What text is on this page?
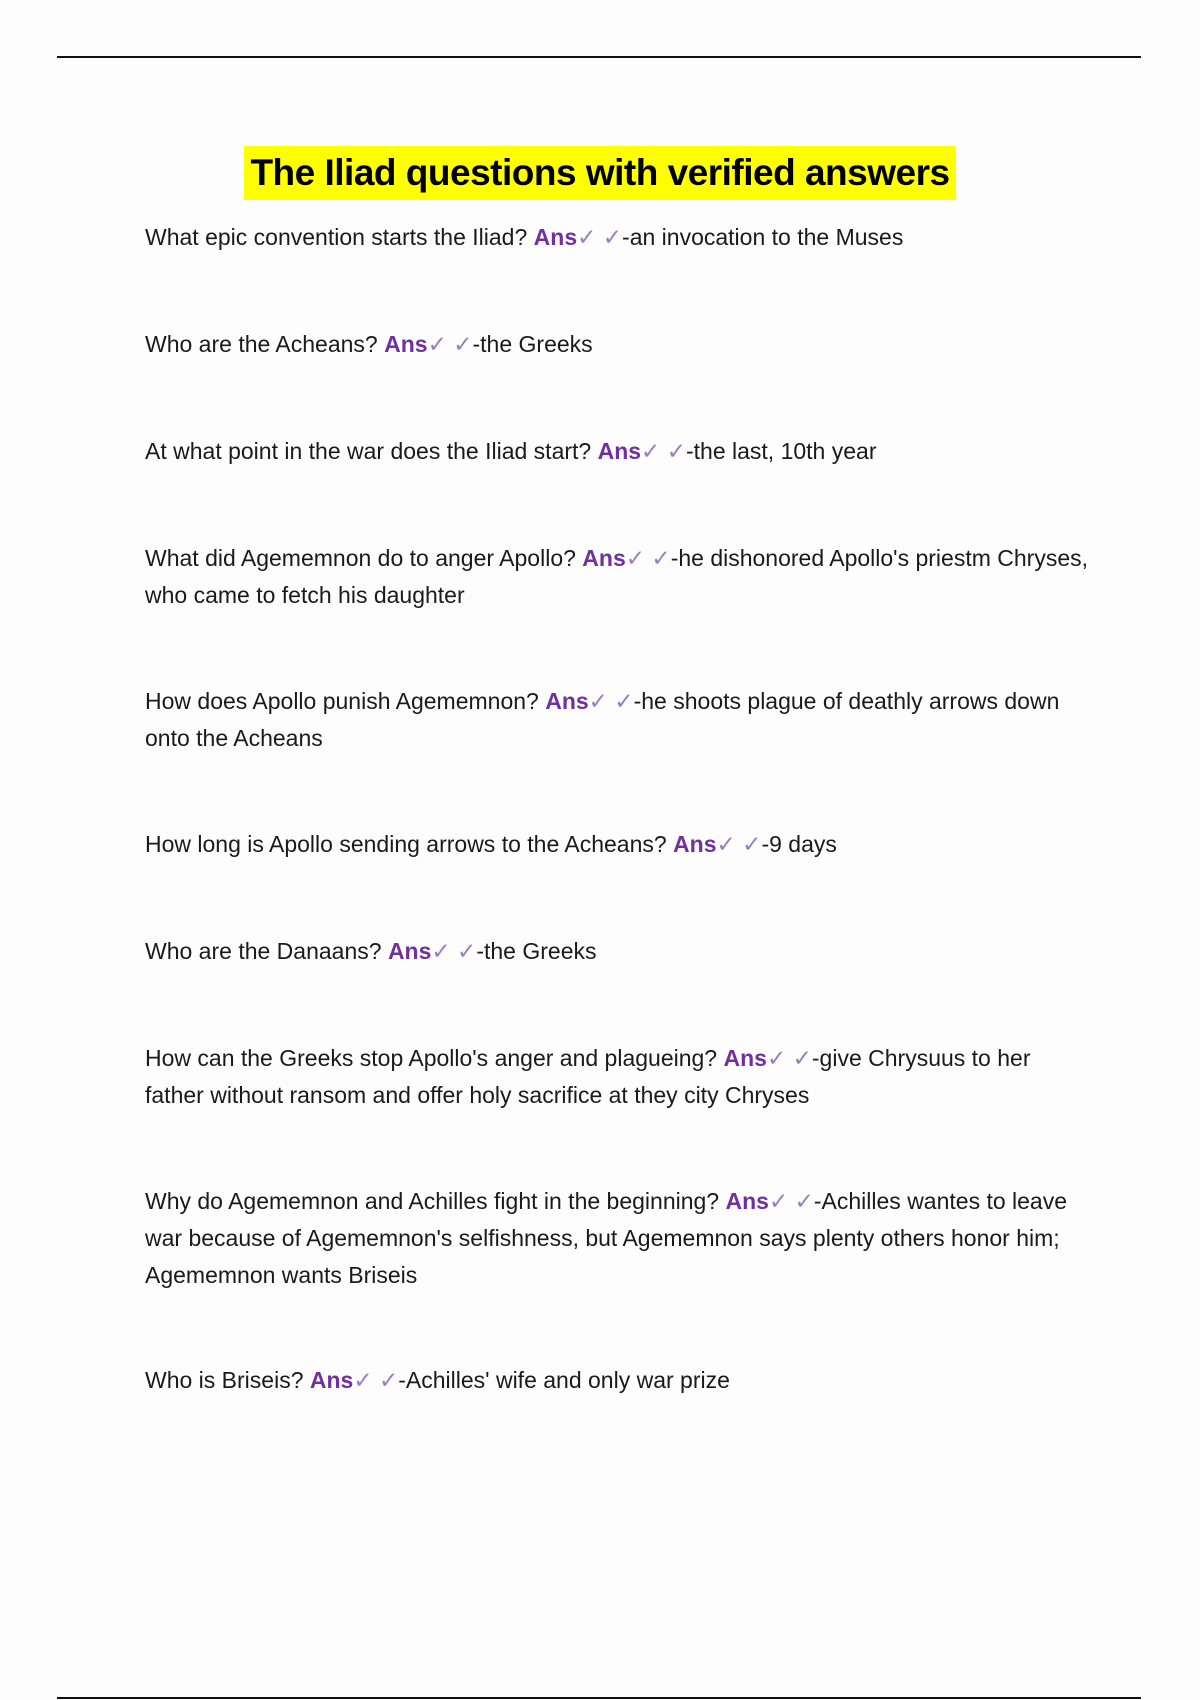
The Iliad questions with verified answers
What epic convention starts the Iliad? Ans✓ ✓-an invocation to the Muses
Who are the Acheans? Ans✓ ✓-the Greeks
At what point in the war does the Iliad start? Ans✓ ✓-the last, 10th year
What did Agememnon do to anger Apollo? Ans✓ ✓-he dishonored Apollo's priestm Chryses, who came to fetch his daughter
How does Apollo punish Agememnon? Ans✓ ✓-he shoots plague of deathly arrows down onto the Acheans
How long is Apollo sending arrows to the Acheans? Ans✓ ✓-9 days
Who are the Danaans? Ans✓ ✓-the Greeks
How can the Greeks stop Apollo's anger and plagueing? Ans✓ ✓-give Chrysuus to her father without ransom and offer holy sacrifice at they city Chryses
Why do Agememnon and Achilles fight in the beginning? Ans✓ ✓-Achilles wantes to leave war because of Agememnon's selfishness, but Agememnon says plenty others honor him; Agememnon wants Briseis
Who is Briseis? Ans✓ ✓-Achilles' wife and only war prize
